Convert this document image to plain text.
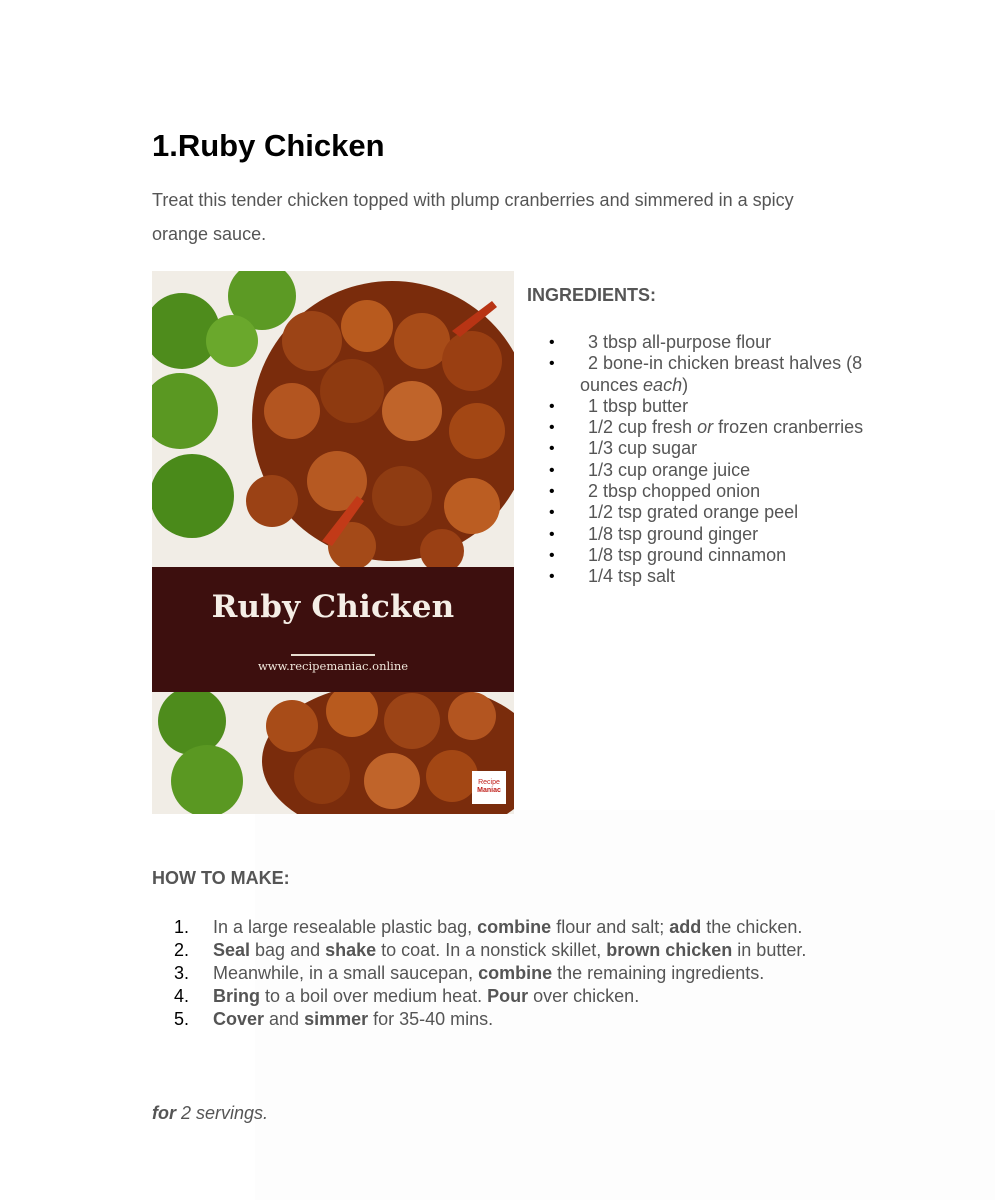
1.Ruby Chicken

Treat this tender chicken topped with plump cranberries and simmered in a spicy orange sauce.

Ruby Chicken
www.recipemaniac.online
Recipe
Maniac
INGREDIENTS:
• 3 tbsp all-purpose flour
• 2 bone-in chicken breast halves (8 ounces each)
• 1 tbsp butter
• 1/2 cup fresh or frozen cranberries
• 1/3 cup sugar
• 1/3 cup orange juice
• 2 tbsp chopped onion
• 1/2 tsp grated orange peel
• 1/8 tsp ground ginger
• 1/8 tsp ground cinnamon
• 1/4 tsp salt
HOW TO MAKE:
1. In a large resealable plastic bag, combine flour and salt; add the chicken.
2. Seal bag and shake to coat. In a nonstick skillet, brown chicken in butter.
3. Meanwhile, in a small saucepan, combine the remaining ingredients.
4. Bring to a boil over medium heat. Pour over chicken.
5. Cover and simmer for 35-40 mins.

for 2 servings.
